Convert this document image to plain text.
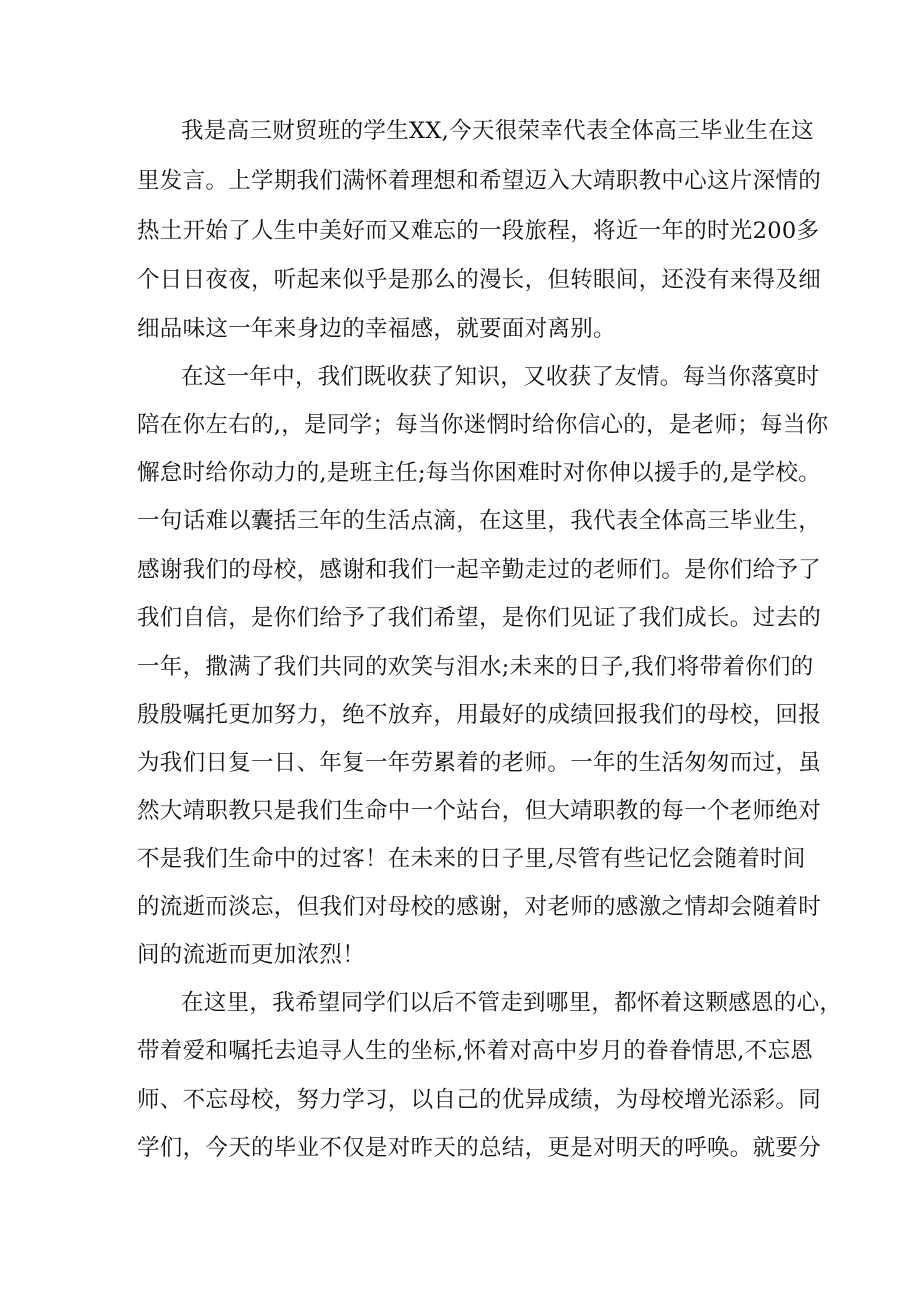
我是高三财贸班的学生XX,今天很荣幸代表全体高三毕业生在这

里发言。上学期我们满怀着理想和希望迈入大靖职教中心这片深情的

热土开始了人生中美好而又难忘的一段旅程，将近一年的时光200多

个日日夜夜，听起来似乎是那么的漫长，但转眼间，还没有来得及细

细品味这一年来身边的幸福感，就要面对离别。

在这一年中，我们既收获了知识，又收获了友情。每当你落寞时

陪在你左右的,，是同学；每当你迷惘时给你信心的，是老师；每当你

懈怠时给你动力的,是班主任;每当你困难时对你伸以援手的,是学校。

一句话难以囊括三年的生活点滴，在这里，我代表全体高三毕业生，

感谢我们的母校，感谢和我们一起辛勤走过的老师们。是你们给予了

我们自信，是你们给予了我们希望，是你们见证了我们成长。过去的

一年，撒满了我们共同的欢笑与泪水;未来的日子,我们将带着你们的

殷殷嘱托更加努力，绝不放弃，用最好的成绩回报我们的母校，回报

为我们日复一日、年复一年劳累着的老师。一年的生活匆匆而过，虽

然大靖职教只是我们生命中一个站台，但大靖职教的每一个老师绝对

不是我们生命中的过客！在未来的日子里,尽管有些记忆会随着时间

的流逝而淡忘，但我们对母校的感谢，对老师的感激之情却会随着时

间的流逝而更加浓烈！

在这里，我希望同学们以后不管走到哪里，都怀着这颗感恩的心，

带着爱和嘱托去追寻人生的坐标,怀着对高中岁月的眷眷情思,不忘恩

师、不忘母校，努力学习，以自己的优异成绩，为母校增光添彩。同

学们，今天的毕业不仅是对昨天的总结，更是对明天的呼唤。就要分
